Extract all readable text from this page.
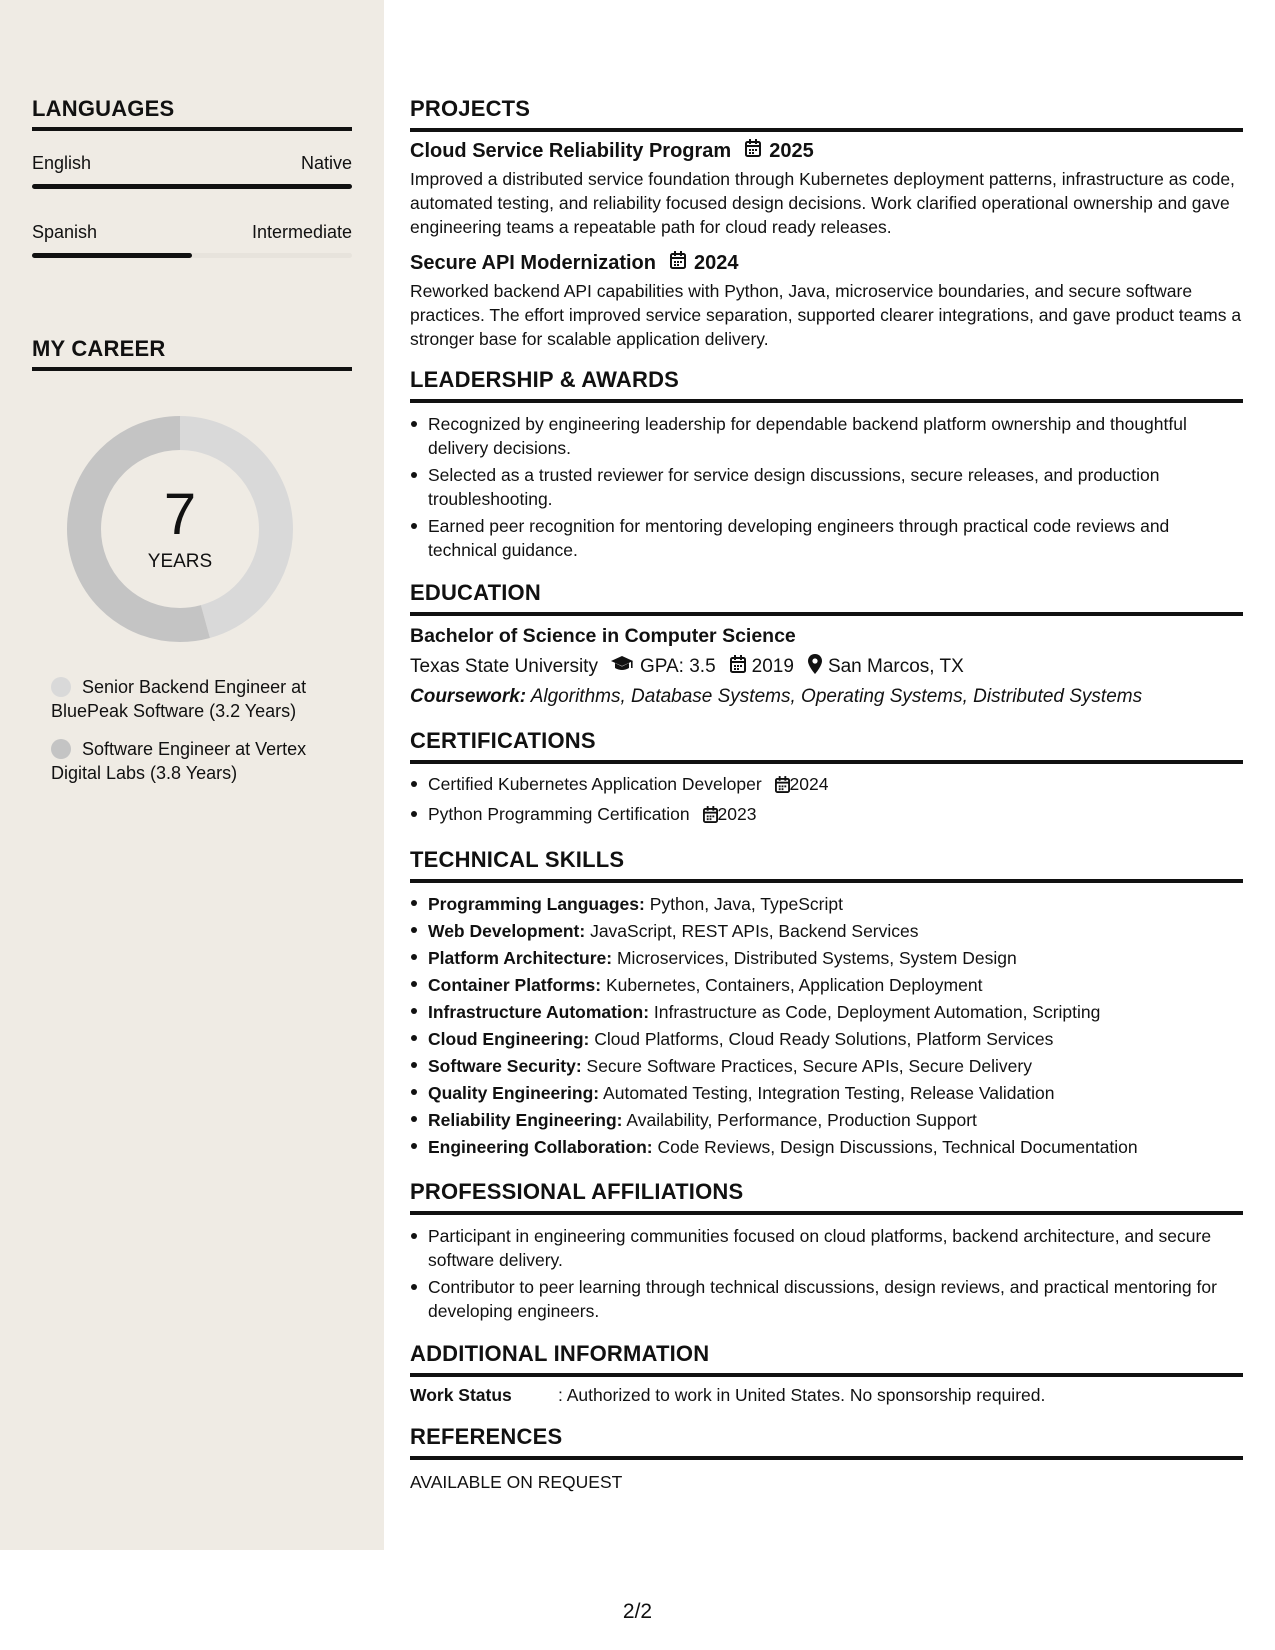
LANGUAGES
English	Native
Spanish	Intermediate
MY CAREER
7
YEARS
Senior Backend Engineer at BluePeak Software (3.2 Years)
Software Engineer at Vertex Digital Labs (3.8 Years)
PROJECTS
Cloud Service Reliability Program 2025
Improved a distributed service foundation through Kubernetes deployment patterns, infrastructure as code, automated testing, and reliability focused design decisions. Work clarified operational ownership and gave engineering teams a repeatable path for cloud ready releases.
Secure API Modernization 2024
Reworked backend API capabilities with Python, Java, microservice boundaries, and secure software practices. The effort improved service separation, supported clearer integrations, and gave product teams a stronger base for scalable application delivery.
LEADERSHIP & AWARDS
Recognized by engineering leadership for dependable backend platform ownership and thoughtful delivery decisions.
Selected as a trusted reviewer for service design discussions, secure releases, and production troubleshooting.
Earned peer recognition for mentoring developing engineers through practical code reviews and technical guidance.
EDUCATION
Bachelor of Science in Computer Science
Texas State University GPA: 3.5 2019 San Marcos, TX
Coursework: Algorithms, Database Systems, Operating Systems, Distributed Systems
CERTIFICATIONS
Certified Kubernetes Application Developer 2024
Python Programming Certification 2023
TECHNICAL SKILLS
Programming Languages: Python, Java, TypeScript
Web Development: JavaScript, REST APIs, Backend Services
Platform Architecture: Microservices, Distributed Systems, System Design
Container Platforms: Kubernetes, Containers, Application Deployment
Infrastructure Automation: Infrastructure as Code, Deployment Automation, Scripting
Cloud Engineering: Cloud Platforms, Cloud Ready Solutions, Platform Services
Software Security: Secure Software Practices, Secure APIs, Secure Delivery
Quality Engineering: Automated Testing, Integration Testing, Release Validation
Reliability Engineering: Availability, Performance, Production Support
Engineering Collaboration: Code Reviews, Design Discussions, Technical Documentation
PROFESSIONAL AFFILIATIONS
Participant in engineering communities focused on cloud platforms, backend architecture, and secure software delivery.
Contributor to peer learning through technical discussions, design reviews, and practical mentoring for developing engineers.
ADDITIONAL INFORMATION
Work Status	: Authorized to work in United States. No sponsorship required.
REFERENCES
AVAILABLE ON REQUEST
2/2
